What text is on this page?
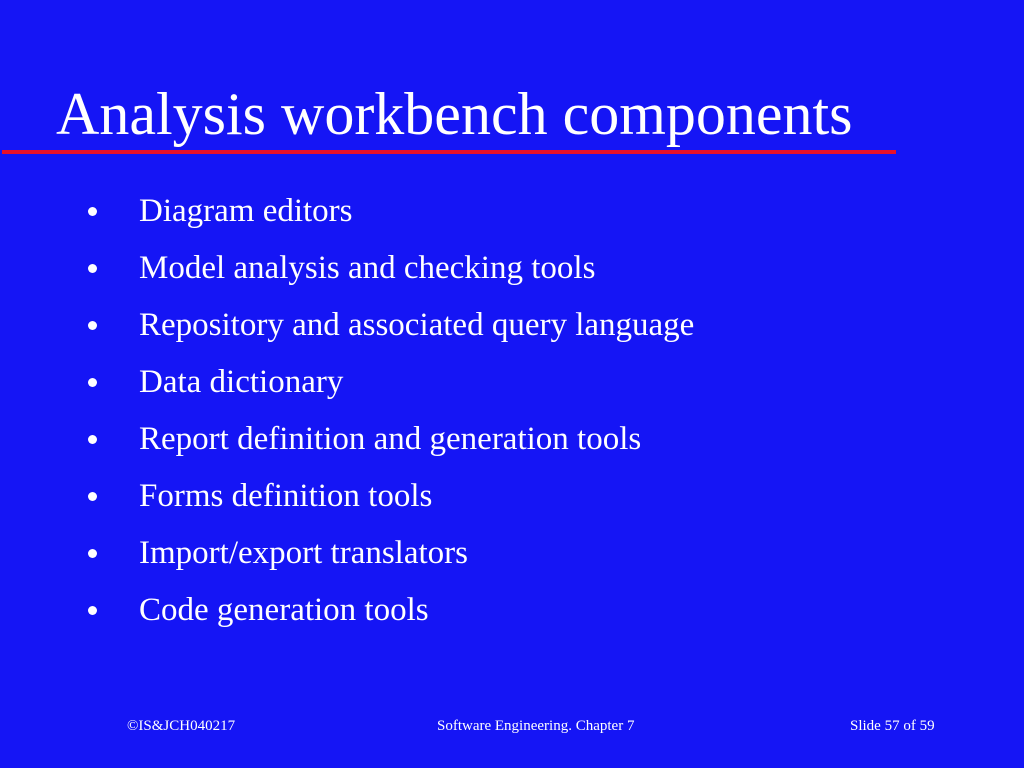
Analysis workbench components
Diagram editors
Model analysis and checking tools
Repository and associated query language
Data dictionary
Report definition and generation tools
Forms definition tools
Import/export translators
Code generation tools
©IS&JCH040217	Software Engineering. Chapter 7	Slide 57 of 59
